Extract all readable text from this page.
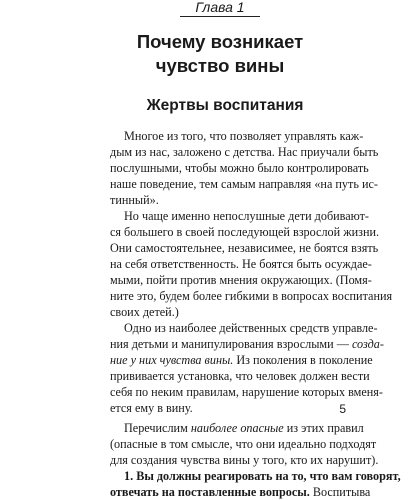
Глава 1
Почему возникает
чувство вины
Жертвы воспитания
Многое из того, что позволяет управлять каж-
дым из нас, заложено с детства. Нас приучали быть
послушными, чтобы можно было контролировать
наше поведение, тем самым направляя «на путь ис-
тинный».
Но чаще именно непослушные дети добивают-
ся большего в своей последующей взрослой жизни.
Они самостоятельнее, независимее, не боятся взять
на себя ответственность. Не боятся быть осуждае-
мыми, пойти против мнения окружающих. (Помя-
ните это, будем более гибкими в вопросах воспитания
своих детей.)
Одно из наиболее действенных средств управле-
ния детьми и манипулирования взрослыми — созда-
ние у них чувства вины. Из поколения в поколение
прививается установка, что человек должен вести
себя по неким правилам, нарушение которых вменя-
ется ему в вину.
Перечислим наиболее опасные из этих правил
(опасные в том смысле, что они идеально подходят
для создания чувства вины у того, кто их нарушит).
1. Вы должны реагировать на то, что вам говорят,
отвечать на поставленные вопросы. Воспитыва
5
